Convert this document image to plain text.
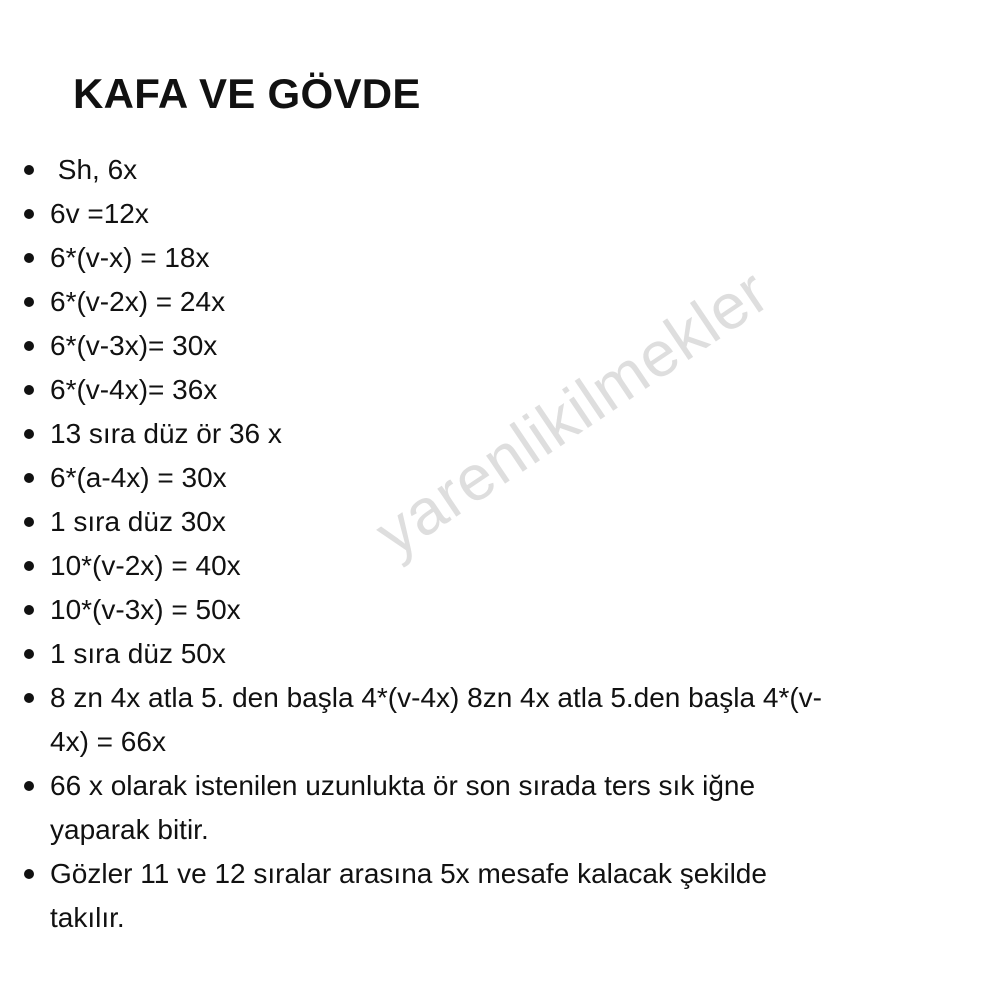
KAFA VE GÖVDE
yarenlikilmekler
Sh, 6x
6v =12x
6*(v-x) = 18x
6*(v-2x) = 24x
6*(v-3x)= 30x
6*(v-4x)= 36x
13 sıra düz ör 36 x
6*(a-4x) = 30x
1 sıra düz 30x
10*(v-2x) = 40x
10*(v-3x) = 50x
1 sıra düz 50x
8 zn 4x atla 5. den başla 4*(v-4x) 8zn 4x atla 5.den başla 4*(v-
4x) = 66x
66 x olarak istenilen uzunlukta ör son sırada ters sık iğne
yaparak bitir.
Gözler 11 ve 12 sıralar arasına 5x mesafe kalacak şekilde
takılır.
